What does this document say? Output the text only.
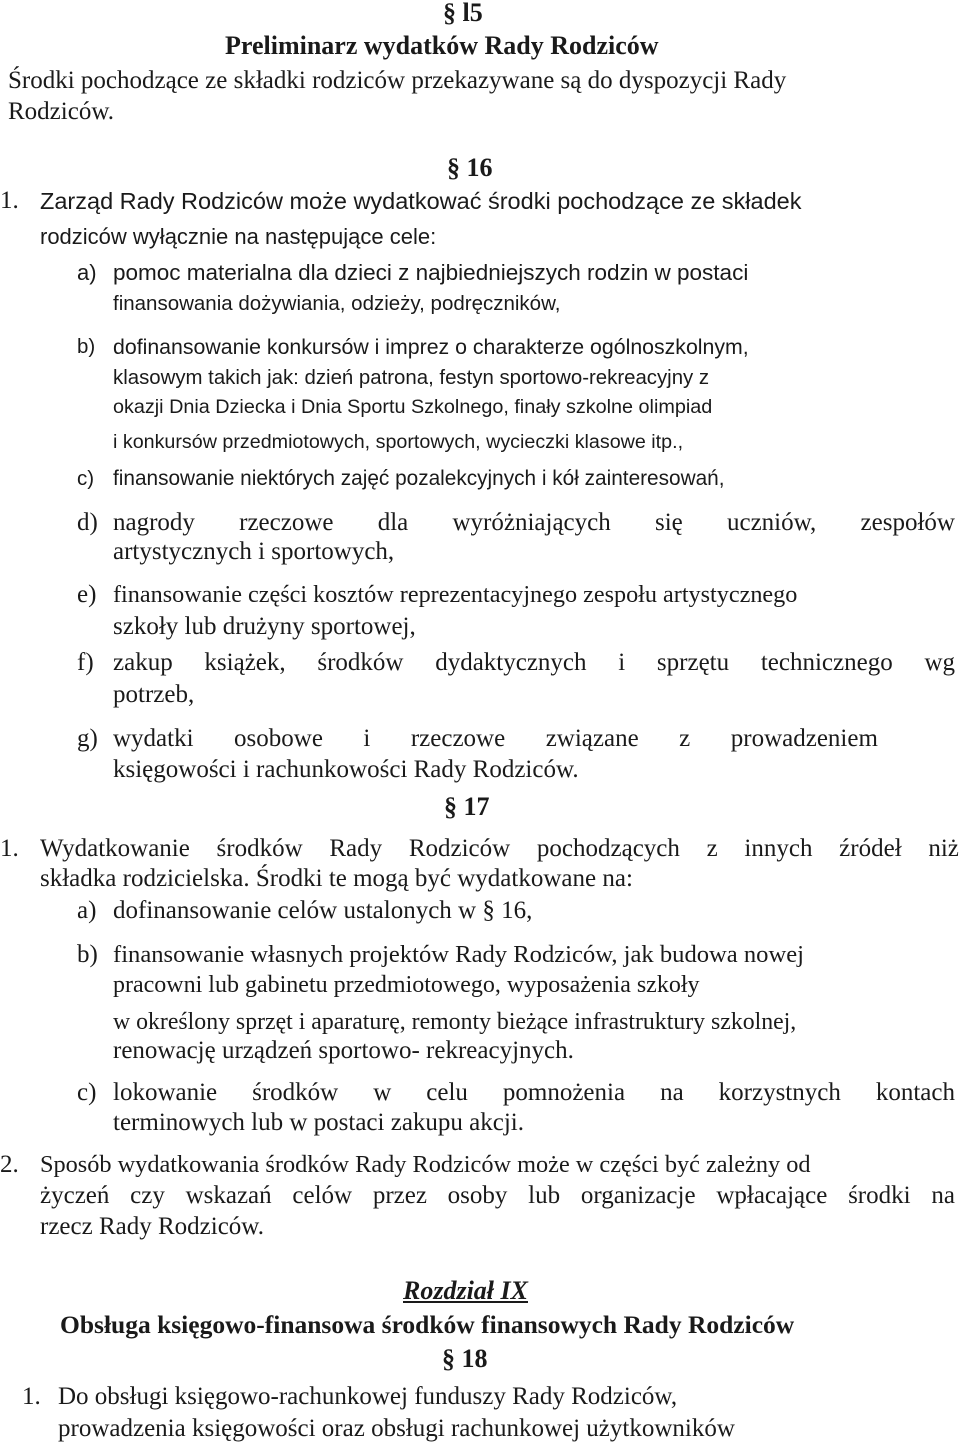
§ l5
Preliminarz wydatków Rady Rodziców
Środki pochodzące ze składki rodziców przekazywane są do dyspozycji Rady
Rodziców.
§ 16
1. Zarząd Rady Rodziców może wydatkować środki pochodzące ze składek
rodziców wyłącznie na następujące cele:
a) pomoc materialna dla dzieci z najbiedniejszych rodzin w postaci
finansowania dożywiania, odzieży, podręczników,
b) dofinansowanie konkursów i imprez o charakterze ogólnoszkolnym,
klasowym takich jak: dzień patrona, festyn sportowo-rekreacyjny z
okazji Dnia Dziecka i Dnia Sportu Szkolnego, finały szkolne olimpiad
i konkursów przedmiotowych, sportowych, wycieczki klasowe itp.,
c) finansowanie niektórych zajęć pozalekcyjnych i kół zainteresowań,
d) nagrody rzeczowe dla wyróżniających się uczniów, zespołów
artystycznych i sportowych,
e) finansowanie części kosztów reprezentacyjnego zespołu artystycznego
szkoły lub drużyny sportowej,
f) zakup książek, środków dydaktycznych i sprzętu technicznego wg
potrzeb,
g) wydatki osobowe i rzeczowe związane z prowadzeniem
księgowości i rachunkowości Rady Rodziców.
§ 17
1. Wydatkowanie środków Rady Rodziców pochodzących z innych źródeł niż
składka rodzicielska. Środki te mogą być wydatkowane na:
a) dofinansowanie celów ustalonych w § 16,
b) finansowanie własnych projektów Rady Rodziców, jak budowa nowej
pracowni lub gabinetu przedmiotowego, wyposażenia szkoły
w określony sprzęt i aparaturę, remonty bieżące infrastruktury szkolnej,
renowację urządzeń sportowo- rekreacyjnych.
c) lokowanie środków w celu pomnożenia na korzystnych kontach
terminowych lub w postaci zakupu akcji.
2. Sposób wydatkowania środków Rady Rodziców może w części być zależny od
życzeń czy wskazań celów przez osoby lub organizacje wpłacające środki na
rzecz Rady Rodziców.
Rozdział IX
Obsługa księgowo-finansowa środków finansowych Rady Rodziców
§ 18
1. Do obsługi księgowo-rachunkowej funduszy Rady Rodziców,
prowadzenia księgowości oraz obsługi rachunkowej użytkowników
